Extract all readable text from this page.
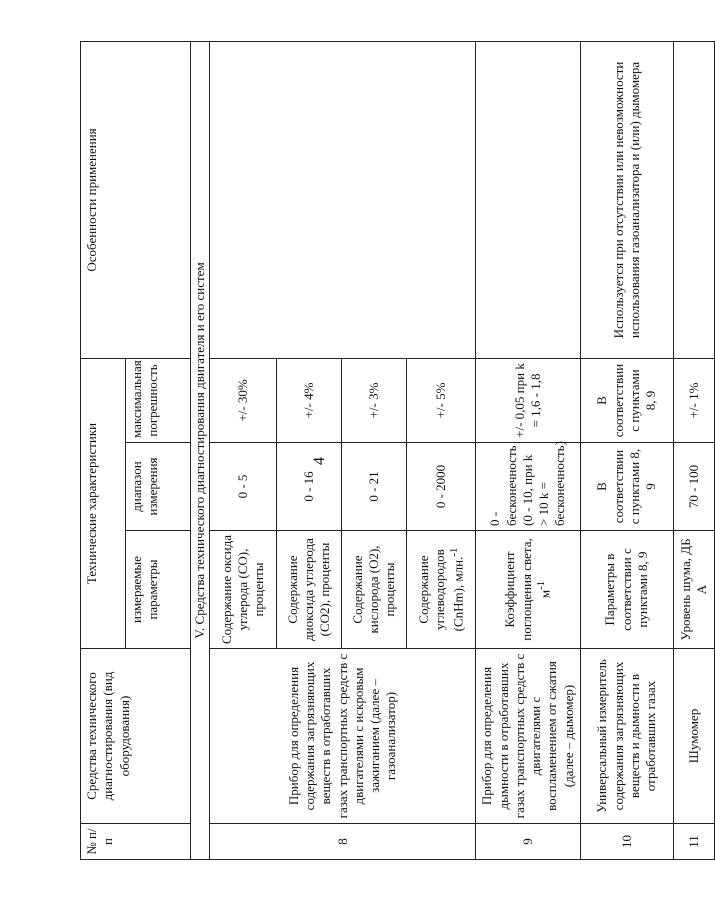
4
№ п/п	Средства технического диагностирования (вид оборудования)	Технические характеристики			Особенности применения
		измеряемые параметры	диапазон измерения	максимальная погрешность	
V. Средства технического диагностирования двигателя и его систем					
8	Прибор для определения содержания загрязняющих веществ в отработавших газах транспортных средств с двигателями с искровым зажиганием (далее – газоанализатор)	Содержание оксида углерода (CO), проценты	0 - 5	+/- 30%	
		Содержание диоксида углерода (CO2), проценты	0 - 16	+/- 4%	
		Содержание кислорода (O2), проценты	0 - 21	+/- 3%	
		Содержание углеводородов (CnHm), млн.$^{-1}$	0 - 2000	+/- 5%	
9	Прибор для определения дымности в отработавших газах транспортных средств с двигателями с воспламенением от сжатия (далее – дымомер)	Коэффициент поглощения света, $м^{-1}$	0 - бесконечность (0 - 10, при k > 10 k = бесконечность)	+/- 0,05 при k = 1,6 - 1,8	
10	Универсальный измеритель содержания загрязняющих веществ и дымности в отработавших газах	Параметры в соответствии с пунктами 8, 9	В соответствии с пунктами 8, 9	В соответствии с пунктами 8, 9	Используется при отсутствии или невозможности использования газоанализатора и (или) дымомера
11	Шумомер	Уровень шума, ДБ А	70 - 100	+/- 1%	
